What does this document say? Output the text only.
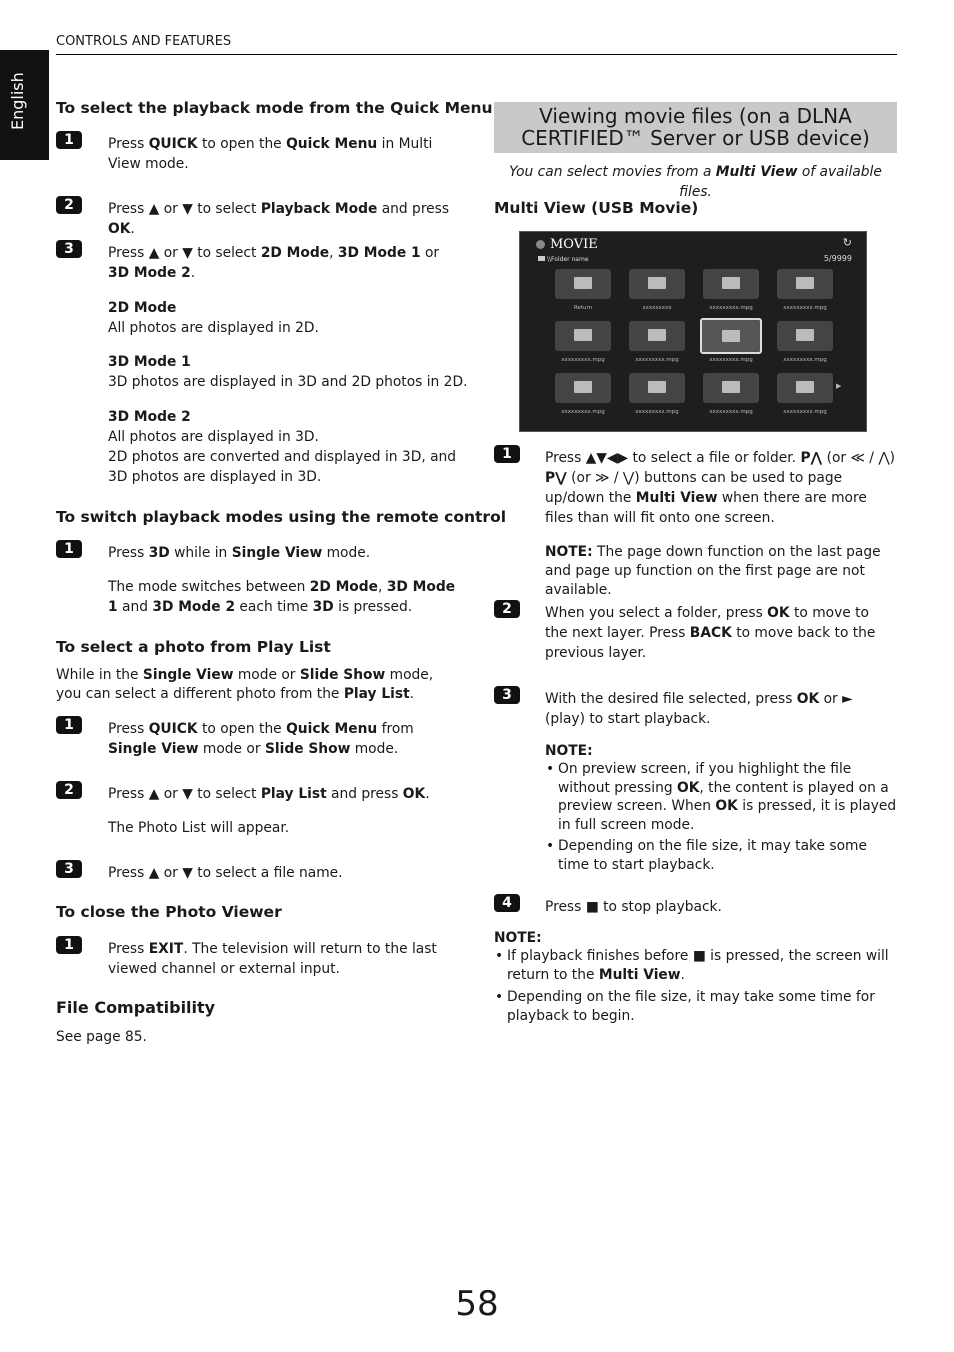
English
CONTROLS AND FEATURES
To select the playback mode from the Quick Menu
1	Press QUICK to open the Quick Menu in Multi View mode.

2	Press ▲ or ▼ to select Playback Mode and press OK.

3	Press ▲ or ▼ to select 2D Mode, 3D Mode 1 or 3D Mode 2.

2D Mode
All photos are displayed in 2D.

3D Mode 1
3D photos are displayed in 3D and 2D photos in 2D.

3D Mode 2
All photos are displayed in 3D.
2D photos are converted and displayed in 3D, and 3D photos are displayed in 3D.

To switch playback modes using the remote control
1	Press 3D while in Single View mode.

The mode switches between 2D Mode, 3D Mode 1 and 3D Mode 2 each time 3D is pressed.

To select a photo from Play List

While in the Single View mode or Slide Show mode, you can select a different photo from the Play List.

1	Press QUICK to open the Quick Menu from Single View mode or Slide Show mode.

2	Press ▲ or ▼ to select Play List and press OK.

The Photo List will appear.

3	Press ▲ or ▼ to select a file name.

To close the Photo Viewer
1	Press EXIT. The television will return to the last viewed channel or external input.

File Compatibility

See page 85.

Viewing movie files (on a DLNA CERTIFIED™ Server or USB device)

You can select movies from a Multi View of available files.

Multi View (USB Movie)
MOVIE
\\Folder name	5/9999
↻
Return	xxxxxxxxx	xxxxxxxxx.mpg	xxxxxxxxx.mpg
xxxxxxxxx.mpg	xxxxxxxxx.mpg	xxxxxxxxx.mpg	xxxxxxxxx.mpg
xxxxxxxxx.mpg	xxxxxxxxx.mpg	xxxxxxxxx.mpg	xxxxxxxxx.mpg
▶
1	Press ▲▼◀▶ to select a file or folder. P⋀ (or ≪ / ⋀) P⋁ (or ≫ / ⋁) buttons can be used to page up/down the Multi View when there are more files than will fit onto one screen.

NOTE: The page down function on the last page and page up function on the first page are not available.

2	When you select a folder, press OK to move to the next layer. Press BACK to move back to the previous layer.

3	With the desired file selected, press OK or ► (play) to start playback.

NOTE:

• On preview screen, if you highlight the file without pressing OK, the content is played on a preview screen. When OK is pressed, it is played in full screen mode.
• Depending on the file size, it may take some time to start playback.
4	Press ■ to stop playback.

NOTE:

• If playback finishes before ■ is pressed, the screen will return to the Multi View.
• Depending on the file size, it may take some time for playback to begin.
58
